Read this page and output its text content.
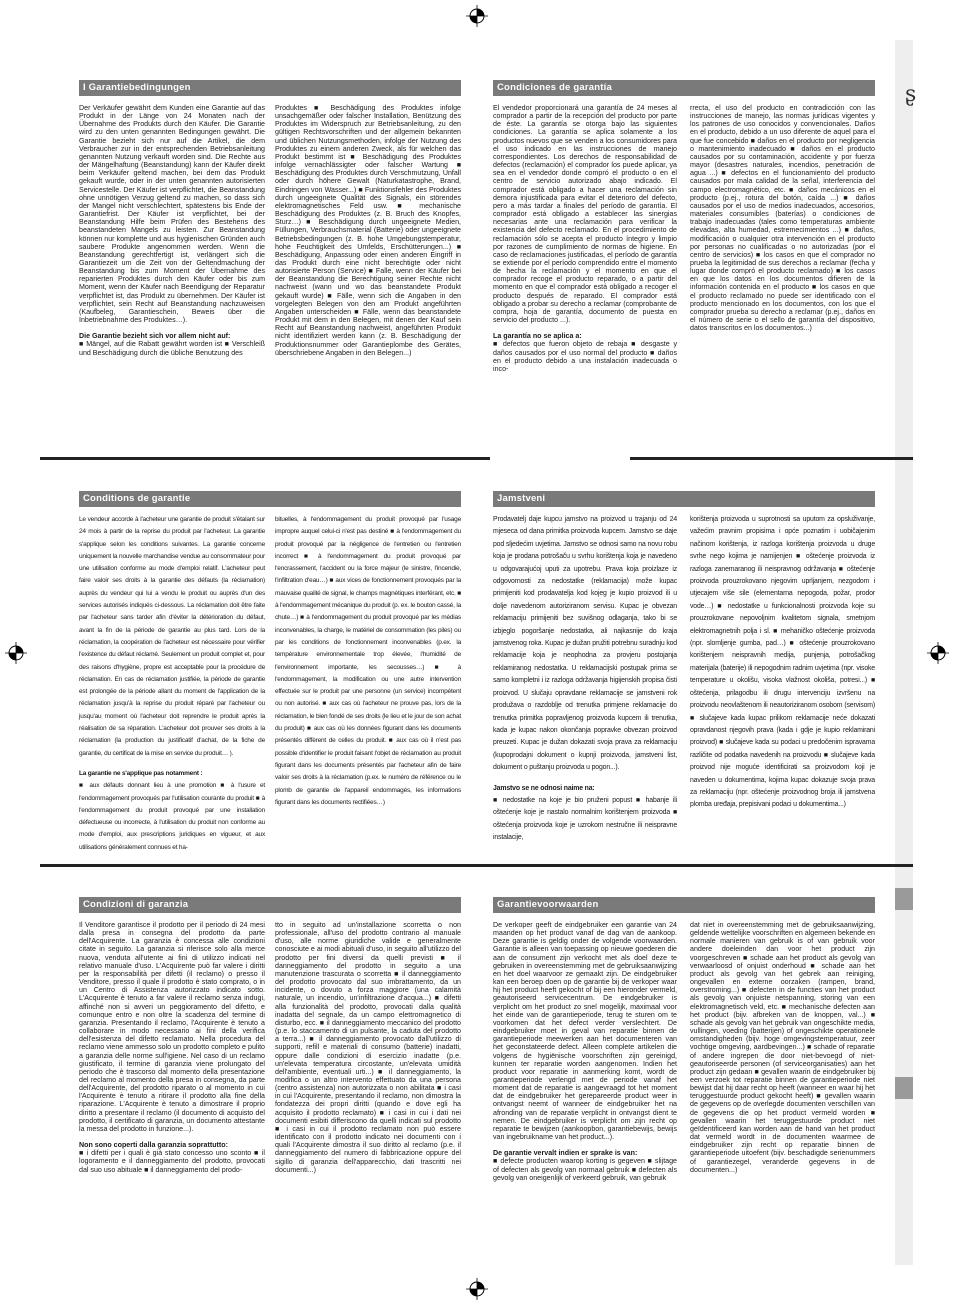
ʂ
I Garantiebedingungen

Der Verkäufer gewährt dem Kunden eine Garantie auf das Produkt in der Länge von 24 Monaten nach der Übernahme des Produkts durch den Käufer. Die Garantie wird zu den unten genannten Bedingungen gewährt. Die Garantie bezieht sich nur auf die Artikel, die dem Verbraucher zur in der entsprechenden Betriebsanleitung genannten Nutzung verkauft worden sind. Die Rechte aus der Mängelhaftung (Beanstandung) kann der Käufer direkt beim Verkäufer geltend machen, bei dem das Produkt gekauft wurde, oder in der unten genannten autorisierten Servicestelle. Der Käufer ist verpflichtet, die Beanstandung ohne unnötigen Verzug geltend zu machen, so dass sich der Mangel nicht verschlechtert, spätestens bis Ende der Garantiefrist. Der Käufer ist verpflichtet, bei der Beanstandung Hilfe beim Prüfen des Bestehens des beanstandeten Mangels zu leisten. Zur Beanstandung können nur komplette und aus hygienischen Gründen auch saubere Produkte angenommen werden. Wenn die Beanstandung gerechtfertigt ist, verlängert sich die Garantiezeit um die Zeit von der Geltendmachung der Beanstandung bis zum Moment der Übernahme des reparierten Produktes durch den Käufer oder bis zum Moment, wenn der Käufer nach Beendigung der Reparatur verpflichtet ist, das Produkt zu übernehmen. Der Käufer ist verpflichtet, sein Recht auf Beanstandung nachzuweisen (Kaufbeleg, Garantieschein, Beweis über die Inbetriebnahme des Produktes…).

Die Garantie bezieht sich vor allem nicht auf:

■ Mängel, auf die Rabatt gewährt worden ist ■ Verschleiß und Beschädigung durch die übliche Benutzung des

Produktes ■ Beschädigung des Produktes infolge unsachgemäßer oder falscher Installation, Benützung des Produktes im Widerspruch zur Betriebsanleitung, zu den gültigen Rechtsvorschriften und der allgemein bekannten und üblichen Nutzungsmethoden, infolge der Nutzung des Produktes zu einem anderen Zweck, als für welchen das Produkt bestimmt ist ■ Beschädigung des Produktes infolge vernachlässigter oder falscher Wartung ■ Beschädigung des Produktes durch Verschmutzung, Unfall oder durch höhere Gewalt (Naturkatastrophe, Brand, Eindringen von Wasser...) ■ Funktionsfehler des Produktes durch ungeeignete Qualität des Signals, ein störendes elektromagnetisches Feld usw. ■ mechanische Beschädigung des Produktes (z. B. Bruch des Knopfes, Sturz…) ■ Beschädigung durch ungeeignete Medien, Füllungen, Verbrauchsmaterial (Batterie) oder ungeeignete Betriebsbedingungen (z. B. hohe Umgebungstemperatur, hohe Feuchtigkeit des Umfelds, Erschütterungen...) ■ Beschädigung, Anpassung oder einen anderen Eingriff in das Produkt durch eine nicht berechtigte oder nicht autorisierte Person (Service) ■ Falle, wenn der Käufer bei der Beanstandung die Berechtigung seiner Rechte nicht nachweist (wann und wo das beanstandete Produkt gekauft wurde) ■ Fälle, wenn sich die Angaben in den vorgelegten Belegen von den am Produkt angeführten Angaben unterscheiden ■ Fälle, wenn das beanstandete Produkt mit dem in den Belegen, mit denen der Kauf sein Recht auf Beanstandung nachweist, angeführten Produkt nicht identifiziert werden kann (z. B. Beschädigung der Produktionsnummer oder Garantieplombe des Gerätes, überschriebene Angaben in den Belegen...)

Condiciones de garantía

El vendedor proporcionará una garantía de 24 meses al comprador a partir de la recepción del producto por parte de éste. La garantía se otorga bajo las siguientes condiciones. La garantía se aplica solamente a los productos nuevos que se venden a los consumidores para el uso indicado en las instrucciones de manejo correspondientes. Los derechos de responsabilidad de defectos (reclamación) el comprador los puede aplicar, ya sea en el vendedor donde compró el producto o en el centro de servicio autorizado abajo indicado. El comprador está obligado a hacer una reclamación sin demora injustificada para evitar el deterioro del defecto, pero a más tardar a finales del período de garantía. El comprador está obligado a establecer las sinergias necesarias ante una reclamación para verificar la existencia del defecto reclamado. En el procedimiento de reclamación sólo se acepta el producto íntegro y limpio por razones de cumplimiento de normas de higiene. En caso de reclamaciones justificadas, el período de garantía se extiende por el período comprendido entre el momento de hecha la reclamación y el momento en que el comprador recoge el producto reparado, o a partir del momento en que el comprador está obligado a recoger el producto después de reparado. El comprador está obligado a probar su derecho a reclamar (comprobante de compra, hoja de garantía, documento de puesta en servicio del producto ...).

La garantía no se aplica a:

■ defectos que fueron objeto de rebaja ■ desgaste y daños causados por el uso normal del producto ■ daños en el producto debido a una instalación inadecuada o inco-

rrecta, el uso del producto en contradicción con las instrucciones de manejo, las normas jurídicas vigentes y los patrones de uso conocidos y convencionales. Daños en el producto, debido a un uso diferente de aquel para el que fue concebido ■ daños en el producto por negligencia o mantenimiento inadecuado ■ daños en el producto causados por su contaminación, accidente y por fuerza mayor (desastres naturales, incendios, penetración de agua ...) ■ defectos en el funcionamiento del producto causados por mala calidad de la señal, interferencia del campo electromagnético, etc. ■ daños mecánicos en el producto (p.ej., rotura del botón, caída ...) ■ daños causados por el uso de medios inadecuados, accesorios, materiales consumibles (baterías) o condiciones de trabajo inadecuadas (tales como temperaturas ambiente elevadas, alta humedad, estremecimientos ...) ■ daños, modificación o cualquier otra intervención en el producto por personas no cualificadas o no autorizadas (por el centro de servicios) ■ los casos en que el comprador no prueba la legitimidad de sus derechos a reclamar (fecha y lugar donde compró el producto reclamado) ■ los casos en que los datos en los documentos difieren de la información contenida en el producto ■ los casos en que el producto reclamado no puede ser identificado con el producto mencionado en los documentos, con los que el comprador prueba su derecho a reclamar (p.ej., daños en el número de serie o el sello de garantía del dispositivo, datos transcritos en los documentos...)

Conditions de garantie

Le vendeur accorde à l'acheteur une garantie de produit s'étalant sur 24 mois à partir de la reprise du produit par l'acheteur. La garantie s'applique selon les conditions suivantes. La garantie concerne uniquement la nouvelle marchandise vendue au consommateur pour une utilisation conforme au mode d'emploi relatif. L'acheteur peut faire valoir ses droits à la garantie des défauts (la réclamation) auprès du vendeur qui lui a vendu le produit ou auprès d'un des services autorisés indiqués ci-dessous. La réclamation doit être faite par l'acheteur sans tarder afin d'éviter la détérioration du défaut, avant la fin de la période de garantie au plus tard. Lors de la réclamation, la coopération de l'acheteur est nécessaire pour vérifier l'existence du défaut réclamé. Seulement un produit complet et, pour des raisons d'hygiène, propre est acceptable pour la procédure de réclamation. En cas de réclamation justifiée, la période de garantie est prolongée de la période allant du moment de l'application de la réclamation jusqu'à la reprise du produit réparé par l'acheteur ou jusqu'au moment où l'acheteur doit reprendre le produit après la réalisation de sa réparation. L'acheteur doit prouver ses droits à la réclamation (la production du justificatif d'achat, de la fiche de garantie, du certificat de la mise en service du produit… ).

La garantie ne s'applique pas notamment :

■ aux défauts donnant lieu à une promotion ■ à l'usure et l'endommagement provoqués par l'utilisation courante du produit ■ à l'endommagement du produit provoqué par une installation défectueuse ou incorrecte, à l'utilisation du produit non conforme au mode d'emploi, aux prescriptions juridiques en vigueur, et aux utilisations généralement connues et ha-

bituelles, à l'endommagement du produit provoqué par l'usage impropre auquel celui-ci n'est pas destiné ■ à l'endommagement du produit provoqué par la négligence de l'entretien ou l'entretien incorrect ■ à l'endommagement du produit provoqué par l'encrassement, l'accident ou la force majeur (le sinistre, l'incendie, l'infiltration d'eau…) ■ aux vices de fonctionnement provoqués par la mauvaise qualité de signal, le champs magnétiques interférant, etc. ■ à l'endommagement mécanique du produit (p. ex. le bouton cassé, la chute…) ■ à l'endommagement du produit provoqué par les médias inconvenables, la charge, le matériel de consommation (les piles) ou par les conditions de fonctionnement inconvenables (p.ex. la température environnementale trop élevée, l'humidité de l'environnement importante, les secousses…) ■ à l'endommagement, la modification ou une autre intervention effectuée sur le produit par une personne (un service) incompétent ou non autorisé. ■ aux cas où l'acheteur ne prouve pas, lors de la réclamation, le bien fondé de ses droits (le lieu et le jour de son achat du produit) ■ aux cas où les données figurant dans les documents présentés diffèrent de celles du produit. ■ aux cas où il n'est pas possible d'identifier le produit faisant l'objet de réclamation au produit figurant dans les documents présentés par l'acheteur afin de faire valoir ses droits à la réclamation (p.ex. le numéro de référence ou le plomb de garantie de l'appareil endommagés, les informations figurant dans les documents rectifiées…)

Jamstveni

Prodavatelj daje kupcu jamstvo na proizvod u trajanju od 24 mjeseca od dana primitka proizvoda kupcem. Jamstvo se daje pod sljedećim uvjetima. Jamstvo se odnosi samo na novu robu koja je prodana potrošaču u svrhu korištenja koja je navedeno u odgovarajućoj uputi za upotrebu. Prava koja proizlaze iz odgovornosti za nedostatke (reklamacija) može kupac primijeniti kod prodavatelja kod kojeg je kupio proizvod ili u dolje navedenom autoriziranom servisu. Kupac je obvezan reklamaciju primijeniti bez suvišnog odlaganja, tako bi se izbjeglo pogoršanje nedostatka, ali najkasnije do kraja jamstvenog roka. Kupac je dužan pružiti potrebnu suradnju kod reklamacije koja je neophodna za provjeru postojanja reklamiranog nedostatka. U reklamacijski postupak prima se samo kompletni i iz razloga održavanja higijenskih propisa čisti proizvod. U slučaju opravdane reklamacije se jamstveni rok produžava o razdoblje od trenutka primjene reklamacije do trenutka primitka popravljenog proizvoda kupcem ili trenutka, kada je kupac nakon okončanja popravke obvezan proizvod preuzeti. Kupac je dužan dokazati svoja prava za reklamaciju (kupoprodajni dokument o kupnji proizvoda, jamstveni list, dokument o puštanju proizvoda u pogon...).

Jamstvo se ne odnosi naime na:

■ nedostatke na koje je bio pruženi popust ■ habanje ili oštećenje koje je nastalo normalnim korištenjem proizvoda ■ oštećenja proizvoda koje je uzrokom nestručne ili neispravne instalacije,

korištenja proizvoda u suprotnosti sa uputom za opsluživanje, važećim pravnim propisima i opće poznatim i uobičajenim načinom korištenja, iz razloga korištenja proizvoda u druge svrhe nego kojima je namijenjen ■ oštećenje proizvoda iz razloga zanemaranog ili neispravnog održavanja ■ oštećenje proizvoda prouzrokovano njegovim uprljanjem, nezgodom i utjecajem više sile (elementarna nepogoda, požar, prodor vode…) ■ nedostatke u funkcionalnosti proizvoda koje su prouzrokovane nepovoljnim kvalitetom signala, smetnjom elektromagnetnih polja i sl. ■ mehaničko oštećenje proizvoda (npr. slomljenje gumba, pad…) ■ oštećenje prouzrokovano korištenjem neispravnih medija, punjenja, potrošačkog materijala (baterije) ili nepogodnim radnim uvjetima (npr. visoke temperature u okolišu, visoka vlažnost okoliša, potresi...) ■ oštećenja, prilagodbu ili drugu intervenciju izvršenu na proizvodu neovlaštenom ili neautoriziranom osobom (servisom) ■ slučajeve kada kupac prilikom reklamacije neće dokazati opravdanost njegovih prava (kada i gdje je kupio reklamirani proizvod) ■ slučajeve kada su podaci u predočenim ispravama različite od podatka navedenih na proizvodu ■ slučajeve kada proizvod nije moguće identificirati sa proizvodom koji je naveden u dokumentima, kojima kupac dokazuje svoja prava za reklamaciju (npr. oštećenje proizvodnog broja ili jamstvena plomba uređaja, prepisivani podaci u dokumentima...)

Condizioni di garanzia

Il Venditore garantisce il prodotto per il periodo di 24 mesi dalla presa in consegna del prodotto da parte dell'Acquirente. La garanzia è concessa alle condizioni citate in seguito. La garanzia si riferisce solo alla merce nuova, venduta all'utente ai fini di utilizzo indicati nel relativo manuale d'uso. L'Acquirente può far valere i diritti per la responsabilità per difetti (il reclamo) o presso il Venditore, presso il quale il prodotto è stato comprato, o in un Centro di Assistenza autorizzato indicato sotto. L'Acquirente è tenuto a far valere il reclamo senza indugi, affinché non si avveri un peggioramento del difetto, e comunque entro e non oltre la scadenza del termine di garanzia. Presentando il reclamo, l'Acquirente è tenuto a collaborare in modo necessario ai fini della verifica dell'esistenza del difetto reclamato. Nella procedura del reclamo viene ammesso solo un prodotto completo e pulito a garanzia delle norme sull'igiene. Nel caso di un reclamo giustificato, il termine di garanzia viene prolungato del periodo che è trascorso dal momento della presentazione del reclamo al momento della presa in consegna, da parte dell'Acquirente, del prodotto riparato o al momento in cui l'Acquirente è tenuto a ritirare il prodotto alla fine della riparazione. L'Acquirente è tenuto a dimostrare il proprio diritto a presentare il reclamo (il documento di acquisto del prodotto, il certificato di garanzia, un documento attestante la messa del prodotto in funzione...).

Non sono coperti dalla garanzia soprattutto:

■ i difetti per i quali è già stato concesso uno sconto ■ il logoramento e il danneggiamento del prodotto, provocati dal suo uso abituale ■ il danneggiamento del prodo-

tto in seguito ad un'installazione scorretta o non professionale, all'uso del prodotto contrario al manuale d'uso, alle norme giuridiche valide e generalmente conosciute e ai modi abituali d'uso, in seguito all'utilizzo del prodotto per fini diversi da quelli previsti ■ il danneggiamento del prodotto in seguito a una manutenzione trascurata o scorretta ■ il danneggiamento del prodotto provocato dal suo imbrattamento, da un incidente, o dovuto a forza maggiore (una calamità naturale, un incendio, un'infiltrazione d'acqua...) ■ difetti alla funzionalità del prodotto, provocati dalla qualità inadatta del segnale, da un campo elettromagnetico di disturbo, ecc. ■ il danneggiamento meccanico del prodotto (p.e. lo staccamento di un pulsante, la caduta del prodotto a terra...) ■ il danneggiamento provocato dall'utilizzo di supporti, refill e materiali di consumo (batterie) inadatti, oppure dalle condizioni di esercizio inadatte (p.e. un'elevata temperatura circostante, un'elevata umidità dell'ambiente, eventuali urti...) ■ il danneggiamento, la modifica o un altro intervento effettuato da una persona (centro assistenza) non autorizzata o non abilitata ■ i casi in cui l'Acquirente, presentando il reclamo, non dimostra la fondatezza dei propri diritti (quando e dove egli ha acquisito il prodotto reclamato) ■ i casi in cui i dati nei documenti esibiti differiscono da quelli indicati sul prodotto ■ i casi in cui il prodotto reclamato non può essere identificato con il prodotto indicato nei documenti con i quali l'Acquirente dimostra il suo diritto al reclamo (p.e. il danneggiamento del numero di fabbricazione oppure del sigillo di garanzia dell'apparecchio, dati trascritti nei documenti...)

Garantievoorwaarden

De verkoper geeft de eindgebruiker een garantie van 24 maanden op het product vanaf de dag van de aankoop. Deze garantie is geldig onder de volgende voorwaarden. Garantie is alleen van toepassing op nieuwe goederen die aan de consument zijn verkocht met als doel deze te gebruiken in overeenstemming met de gebruiksaanwijzing en het doel waarvoor ze gemaakt zijn. De eindgebruiker kan een beroep doen op de garantie bij de verkoper waar hij het product heeft gekocht of bij een hieronder vermeld, geautoriseerd servicecentrum. De eindgebruiker is verplicht om het product zo snel mogelijk, maximaal voor het einde van de garantieperiode, terug te sturen om te voorkomen dat het defect verder verslechtert. De eindgebruiker moet in geval van reparatie binnen de garantieperiode meewerken aan het documenteren van het geconstateerde defect. Alleen complete artikelen die volgens de hygiënische voorschriften zijn gereinigd, kunnen ter reparatie worden aangenomen. Indien het product voor reparatie in aanmerking komt, wordt de garantieperiode verlengd met de periode vanaf het moment dat de reparatie is aangevraagd tot het moment dat de eindgebruiker het gerepareerde product weer in ontvangst neemt of wanneer de eindgebruiker het na afronding van de reparatie verplicht in ontvangst dient te nemen. De eindgebruiker is verplicht om zijn recht op reparatie te bewijzen (aankoopbon, garantiebewijs, bewijs van ingebruikname van het product...).

De garantie vervalt indien er sprake is van:

■ defecte producten waarop korting is gegeven ■ slijtage of defecten als gevolg van normaal gebruik ■ defecten als gevolg van oneigenlijk of verkeerd gebruik, van gebruik

dat niet in overeenstemming met de gebruiksaanwijzing, geldende wettelijke voorschriften en algemeen bekende en normale manieren van gebruik is of van gebruik voor andere doeleinden dan voor het product zijn voorgeschreven ■ schade aan het product als gevolg van verwaarloosd of onjuist onderhoud ■ schade aan het product als gevolg van het gebrek aan reiniging, ongevallen en externe oorzaken (rampen, brand, overstroming...) ■ defecten in de functies van het product als gevolg van onjuiste netspanning, storing van een elektromagnetisch veld, etc. ■ mechanische defecten aan het product (bijv. afbreken van de knoppen, val...) ■ schade als gevolg van het gebruik van ongeschikte media, vullingen, voeding (batterijen) of ongeschikte operationele omstandigheden (bijv. hoge omgevingstemperatuur, zeer vochtige omgeving, aardbevingen...) ■ schade of reparatie of andere ingrepen die door niet-bevoegd of niet-geautoriseerde personen (of serviceorganisaties) aan het product zijn gedaan ■ gevallen waarin de eindgebruiker bij een verzoek tot reparatie binnen de garantieperiode niet bewijst dat hij daar recht op heeft (wanneer en waar hij het teruggestuurde product gekocht heeft) ■ gevallen waarin de gegevens op de overlegde documenten verschillen van de gegevens die op het product vermeld worden ■ gevallen waarin het teruggestuurde product niet geïdentificeerd kan worden aan de hand van het product dat vermeld wordt in de documenten waarmee de eindgebruiker zijn recht op reparatie binnen de garantieperiode uitoefent (bijv. beschadigde serienummers of garantiezegel, veranderde gegevens in de documenten...)
